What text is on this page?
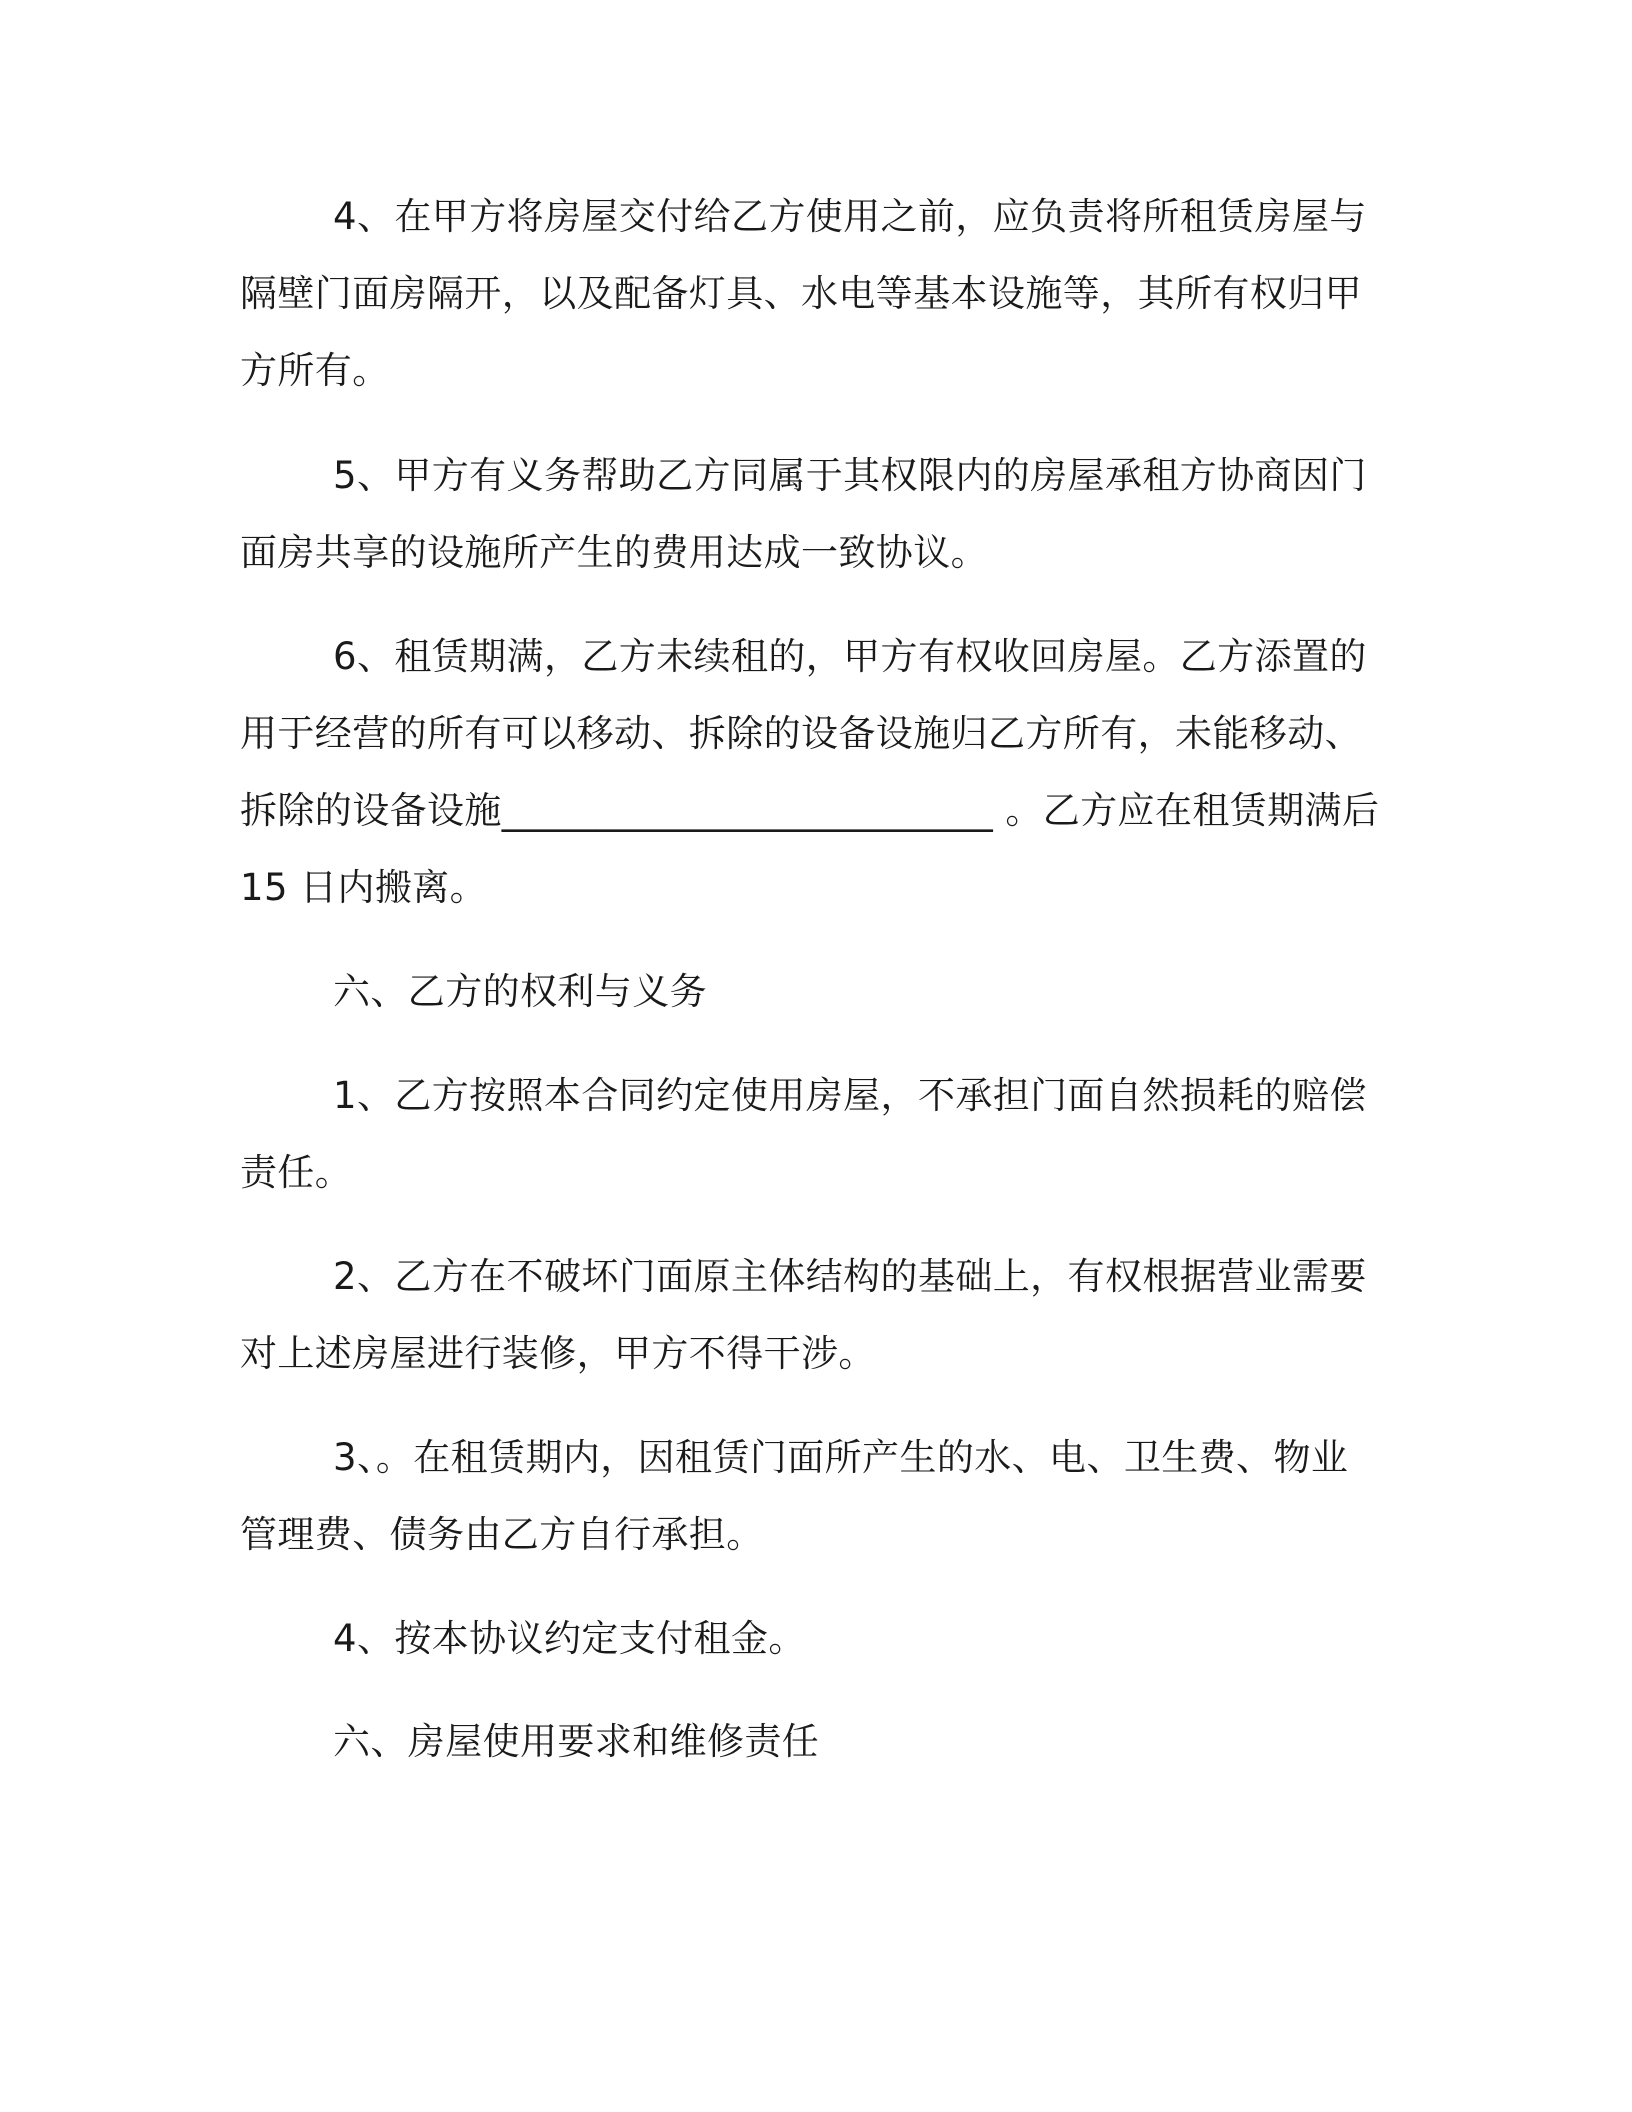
4、在甲方将房屋交付给乙方使用之前，应负责将所租赁房屋与

隔壁门面房隔开，以及配备灯具、水电等基本设施等，其所有权归甲

方所有。

5、甲方有义务帮助乙方同属于其权限内的房屋承租方协商因门

面房共享的设施所产生的费用达成一致协议。

6、租赁期满，乙方未续租的，甲方有权收回房屋。乙方添置的

用于经营的所有可以移动、拆除的设备设施归乙方所有，未能移动、

拆除的设备设施__________________________ 。乙方应在租赁期满后

15 日内搬离。

六、乙方的权利与义务

1、乙方按照本合同约定使用房屋，不承担门面自然损耗的赔偿

责任。

2、乙方在不破坏门面原主体结构的基础上，有权根据营业需要

对上述房屋进行装修，甲方不得干涉。

3、。在租赁期内，因租赁门面所产生的水、电、卫生费、物业

管理费、债务由乙方自行承担。

4、按本协议约定支付租金。

六、房屋使用要求和维修责任
